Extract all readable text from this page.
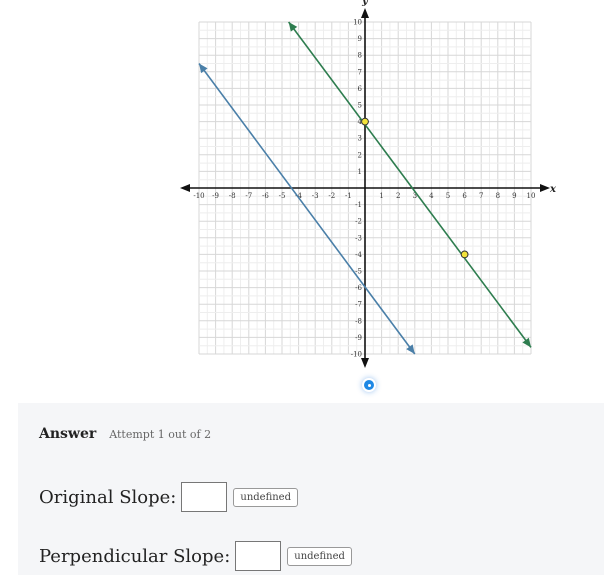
x
y
-10 -9 -8 -7 -6 -5 -4 -3 -2 -1	1 2 3 4 5 6 7 8 9 10
10
9
8
7
6
5
4
3
2
1
-1
-2
-3
-4
-5
-6
-7
-8
-9
-10
Answer Attempt 1 out of 2
Original Slope:	undefined
Perpendicular Slope:	undefined
